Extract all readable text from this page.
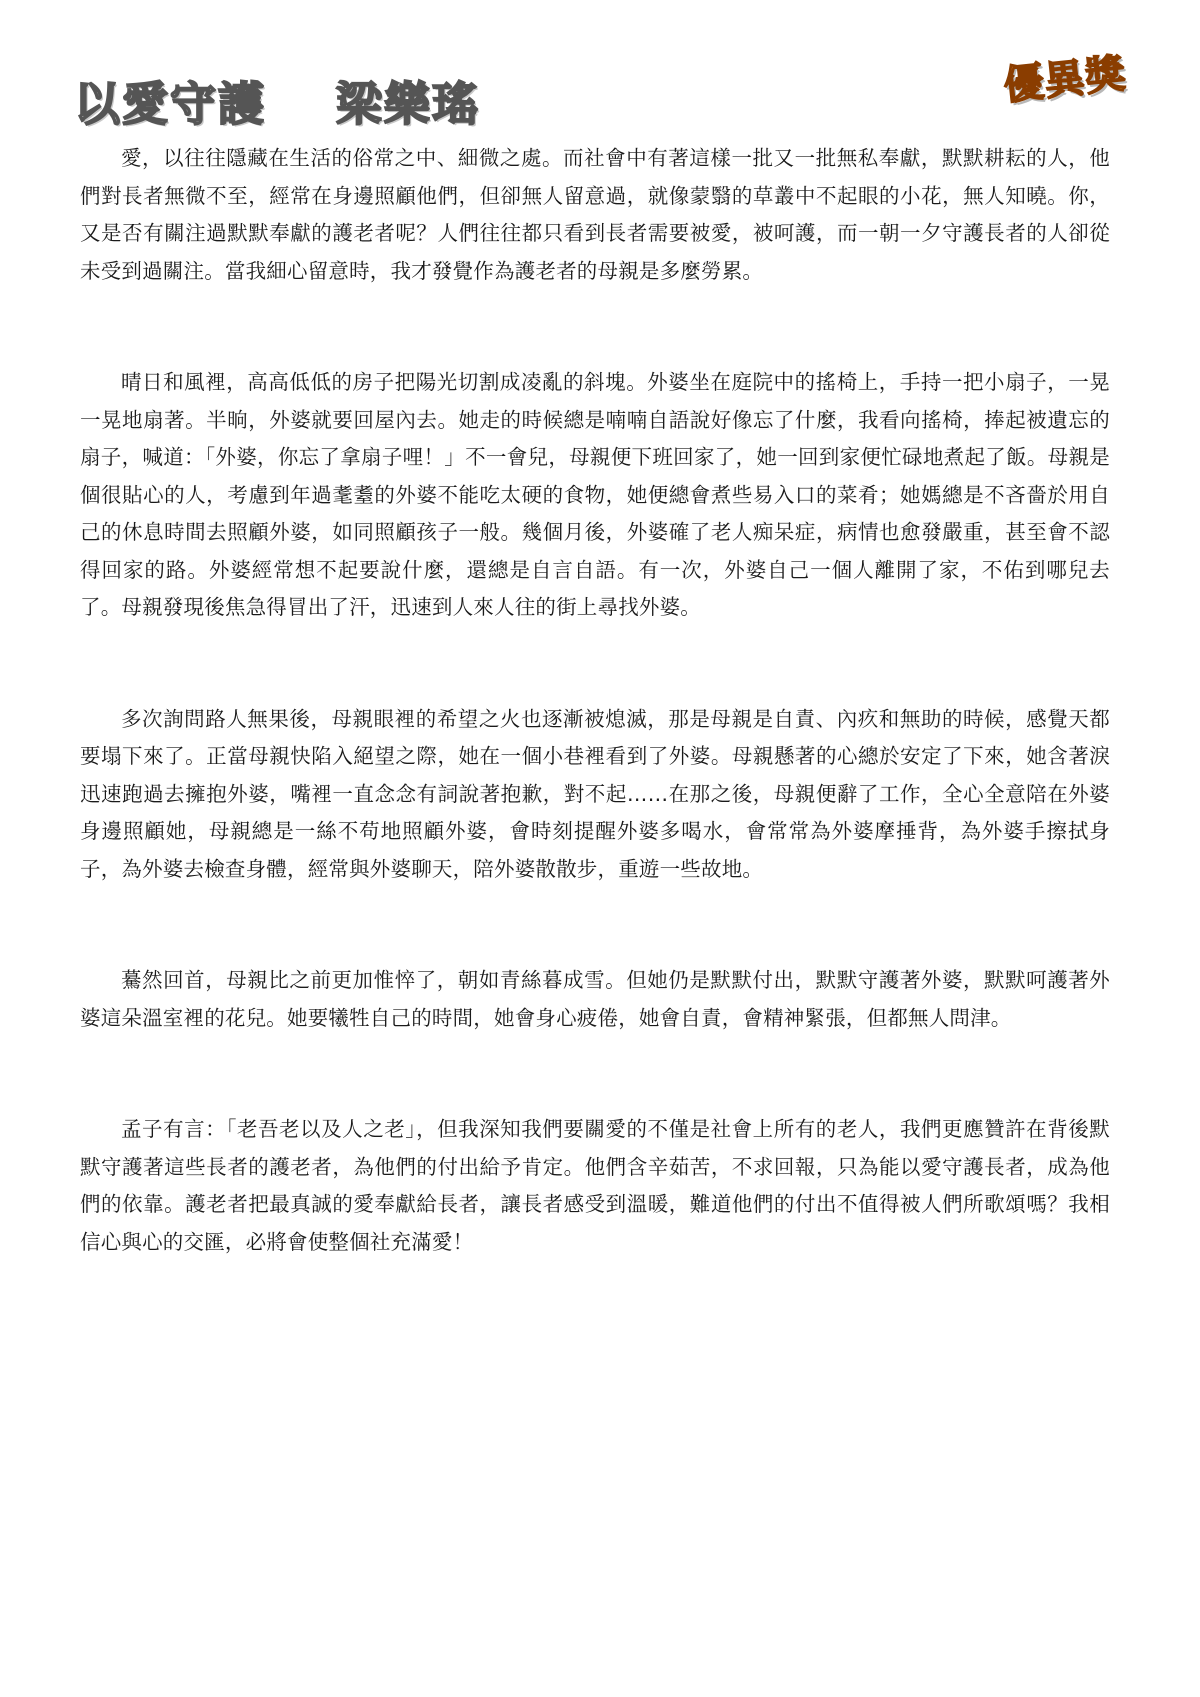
以愛守護 梁樂瑤	優異獎

愛，以往往隱藏在生活的俗常之中、細微之處。而社會中有著這樣一批又一批無私奉獻，默默耕耘的人，他們對長者無微不至，經常在身邊照顧他們，但卻無人留意過，就像蒙翳的草叢中不起眼的小花，無人知曉。你，又是否有關注過默默奉獻的護老者呢？人們往往都只看到長者需要被愛，被呵護，而一朝一夕守護長者的人卻從未受到過關注。當我細心留意時，我才發覺作為護老者的母親是多麼勞累。

晴日和風裡，高高低低的房子把陽光切割成凌亂的斜塊。外婆坐在庭院中的搖椅上，手持一把小扇子，一晃一晃地扇著。半晌，外婆就要回屋內去。她走的時候總是喃喃自語說好像忘了什麼，我看向搖椅，捧起被遺忘的扇子，喊道：「外婆，你忘了拿扇子哩！」不一會兒，母親便下班回家了，她一回到家便忙碌地煮起了飯。母親是個很貼心的人，考慮到年過耄耋的外婆不能吃太硬的食物，她便總會煮些易入口的菜肴；她媽總是不吝嗇於用自己的休息時間去照顧外婆，如同照顧孩子一般。幾個月後，外婆確了老人痴呆症，病情也愈發嚴重，甚至會不認得回家的路。外婆經常想不起要說什麼，還總是自言自語。有一次，外婆自己一個人離開了家，不佑到哪兒去了。母親發現後焦急得冒出了汗，迅速到人來人往的街上尋找外婆。

多次詢問路人無果後，母親眼裡的希望之火也逐漸被熄滅，那是母親是自責、內疚和無助的時候，感覺天都要塌下來了。正當母親快陷入絕望之際，她在一個小巷裡看到了外婆。母親懸著的心總於安定了下來，她含著淚迅速跑過去擁抱外婆，嘴裡一直念念有詞說著抱歉，對不起……在那之後，母親便辭了工作，全心全意陪在外婆身邊照顧她，母親總是一絲不苟地照顧外婆，會時刻提醒外婆多喝水，會常常為外婆摩捶背，為外婆手擦拭身子，為外婆去檢查身體，經常與外婆聊天，陪外婆散散步，重遊一些故地。

驀然回首，母親比之前更加惟悴了，朝如青絲暮成雪。但她仍是默默付出，默默守護著外婆，默默呵護著外婆這朵溫室裡的花兒。她要犧牲自己的時間，她會身心疲倦，她會自責，會精神緊張，但都無人問津。

孟子有言：「老吾老以及人之老」，但我深知我們要關愛的不僅是社會上所有的老人，我們更應贊許在背後默默守護著這些長者的護老者，為他們的付出給予肯定。他們含辛茹苦，不求回報，只為能以愛守護長者，成為他們的依靠。護老者把最真誠的愛奉獻給長者，讓長者感受到溫暖，難道他們的付出不值得被人們所歌頌嗎？我相信心與心的交匯，必將會使整個社充滿愛！
